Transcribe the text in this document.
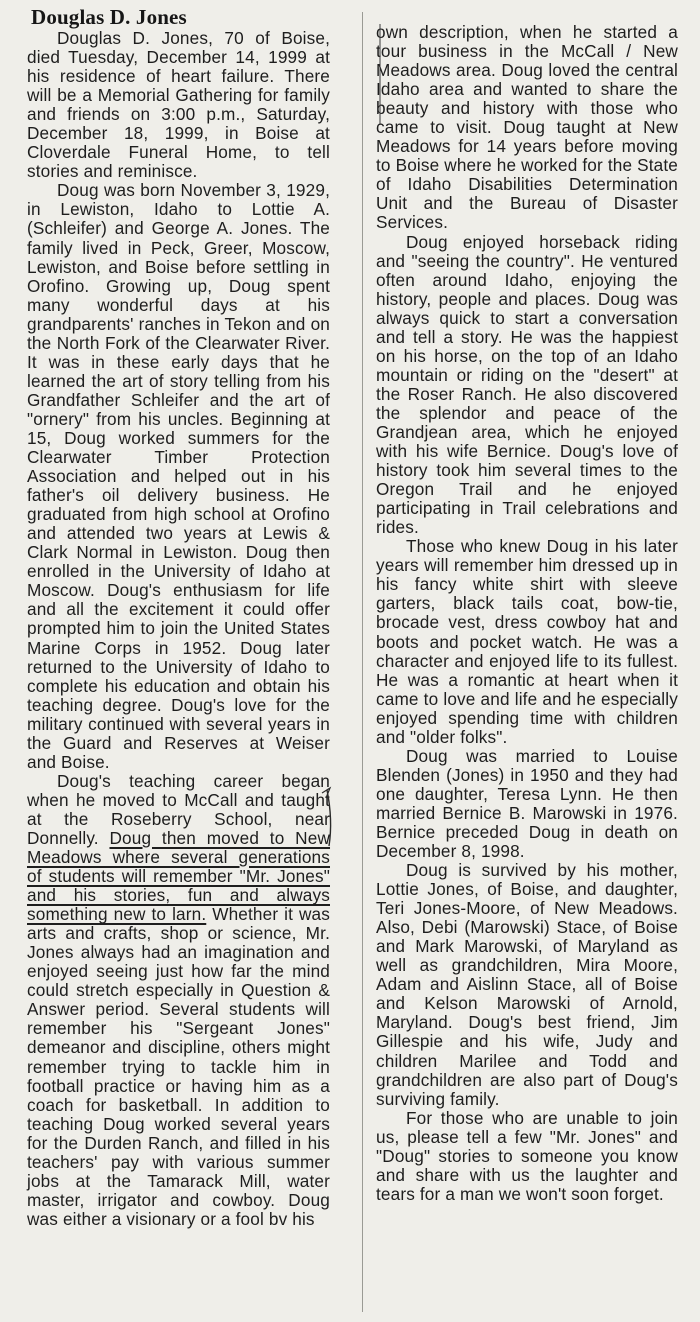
Douglas D. Jones

Douglas D. Jones, 70 of Boise, died Tuesday, December 14, 1999 at his residence of heart failure. There will be a Memorial Gathering for family and friends on 3:00 p.m., Saturday, December 18, 1999, in Boise at Cloverdale Funeral Home, to tell stories and reminisce.

Doug was born November 3, 1929, in Lewiston, Idaho to Lottie A. (Schleifer) and George A. Jones. The family lived in Peck, Greer, Moscow, Lewiston, and Boise before settling in Orofino. Growing up, Doug spent many wonderful days at his grandparents' ranches in Tekon and on the North Fork of the Clearwater River. It was in these early days that he learned the art of story telling from his Grandfather Schleifer and the art of "ornery" from his uncles. Beginning at 15, Doug worked summers for the Clearwater Timber Protection Association and helped out in his father's oil delivery business. He graduated from high school at Orofino and attended two years at Lewis & Clark Normal in Lewiston. Doug then enrolled in the University of Idaho at Moscow. Doug's enthusiasm for life and all the excitement it could offer prompted him to join the United States Marine Corps in 1952. Doug later returned to the University of Idaho to complete his education and obtain his teaching degree. Doug's love for the military continued with several years in the Guard and Reserves at Weiser and Boise.

Doug's teaching career began when he moved to McCall and taught at the Roseberry School, near Donnelly. Doug then moved to New Meadows where several generations of students will remember "Mr. Jones" and his stories, fun and always something new to larn. Whether it was arts and crafts, shop or science, Mr. Jones always had an imagination and enjoyed seeing just how far the mind could stretch especially in Question & Answer period. Several students will remember his "Sergeant Jones" demeanor and discipline, others might remember trying to tackle him in football practice or having him as a coach for basketball. In addition to teaching Doug worked several years for the Durden Ranch, and filled in his teachers' pay with various summer jobs at the Tamarack Mill, water master, irrigator and cowboy. Doug was either a visionary or a fool bv his

own description, when he started a tour business in the McCall / New Meadows area. Doug loved the central Idaho area and wanted to share the beauty and history with those who came to visit. Doug taught at New Meadows for 14 years before moving to Boise where he worked for the State of Idaho Disabilities Determination Unit and the Bureau of Disaster Services.

Doug enjoyed horseback riding and "seeing the country". He ventured often around Idaho, enjoying the history, people and places. Doug was always quick to start a conversation and tell a story. He was the happiest on his horse, on the top of an Idaho mountain or riding on the "desert" at the Roser Ranch. He also discovered the splendor and peace of the Grandjean area, which he enjoyed with his wife Bernice. Doug's love of history took him several times to the Oregon Trail and he enjoyed participating in Trail celebrations and rides.

Those who knew Doug in his later years will remember him dressed up in his fancy white shirt with sleeve garters, black tails coat, bow-tie, brocade vest, dress cowboy hat and boots and pocket watch. He was a character and enjoyed life to its fullest. He was a romantic at heart when it came to love and life and he especially enjoyed spending time with children and "older folks".

Doug was married to Louise Blenden (Jones) in 1950 and they had one daughter, Teresa Lynn. He then married Bernice B. Marowski in 1976. Bernice preceded Doug in death on December 8, 1998.

Doug is survived by his mother, Lottie Jones, of Boise, and daughter, Teri Jones-Moore, of New Meadows. Also, Debi (Marowski) Stace, of Boise and Mark Marowski, of Maryland as well as grandchildren, Mira Moore, Adam and Aislinn Stace, all of Boise and Kelson Marowski of Arnold, Maryland. Doug's best friend, Jim Gillespie and his wife, Judy and children Marilee and Todd and grandchildren are also part of Doug's surviving family.

For those who are unable to join us, please tell a few "Mr. Jones" and "Doug" stories to someone you know and share with us the laughter and tears for a man we won't soon forget.
